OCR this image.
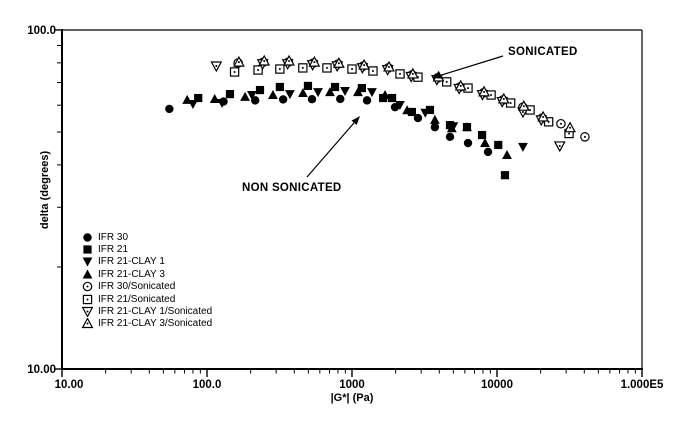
10.00	100.0	1000	10000	1.000E5
100.0
10.00
delta (degrees)
|G*| (Pa)
SONICATED
NON SONICATED
IFR 30
IFR 21
IFR 21-CLAY 1
IFR 21-CLAY 3
IFR 30/Sonicated
IFR 21/Sonicated
IFR 21-CLAY 1/Sonicated
IFR 21-CLAY 3/Sonicated
